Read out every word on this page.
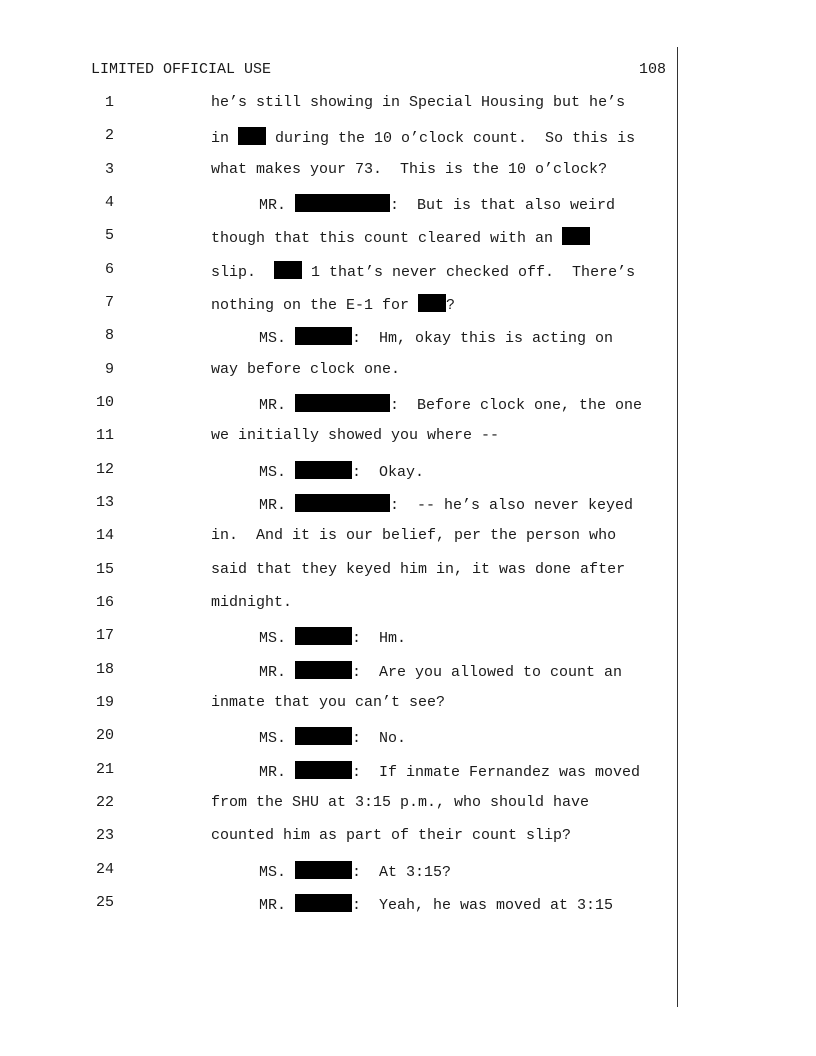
LIMITED OFFICIAL USE	108
1	he’s still showing in Special Housing but he’s
2	in  during the 10 o’clock count.  So this is
3	what makes your 73.  This is the 10 o’clock?
4	MR.	:  But is that also weird
5	though that this count cleared with an
6	slip.   1 that’s never checked off.  There’s
7	nothing on the E-1 for ?
8	MS.	:  Hm, okay this is acting on
9	way before clock one.
10	MR.	:  Before clock one, the one
11	we initially showed you where --
12	MS.	:  Okay.
13	MR.	:  -- he’s also never keyed
14	in.  And it is our belief, per the person who
15	said that they keyed him in, it was done after
16	midnight.
17	MS.	:  Hm.
18	MR.	:  Are you allowed to count an
19	inmate that you can’t see?
20	MS.	:  No.
21	MR.	:  If inmate Fernandez was moved
22	from the SHU at 3:15 p.m., who should have
23	counted him as part of their count slip?
24	MS.	:  At 3:15?
25	MR.	:  Yeah, he was moved at 3:15
